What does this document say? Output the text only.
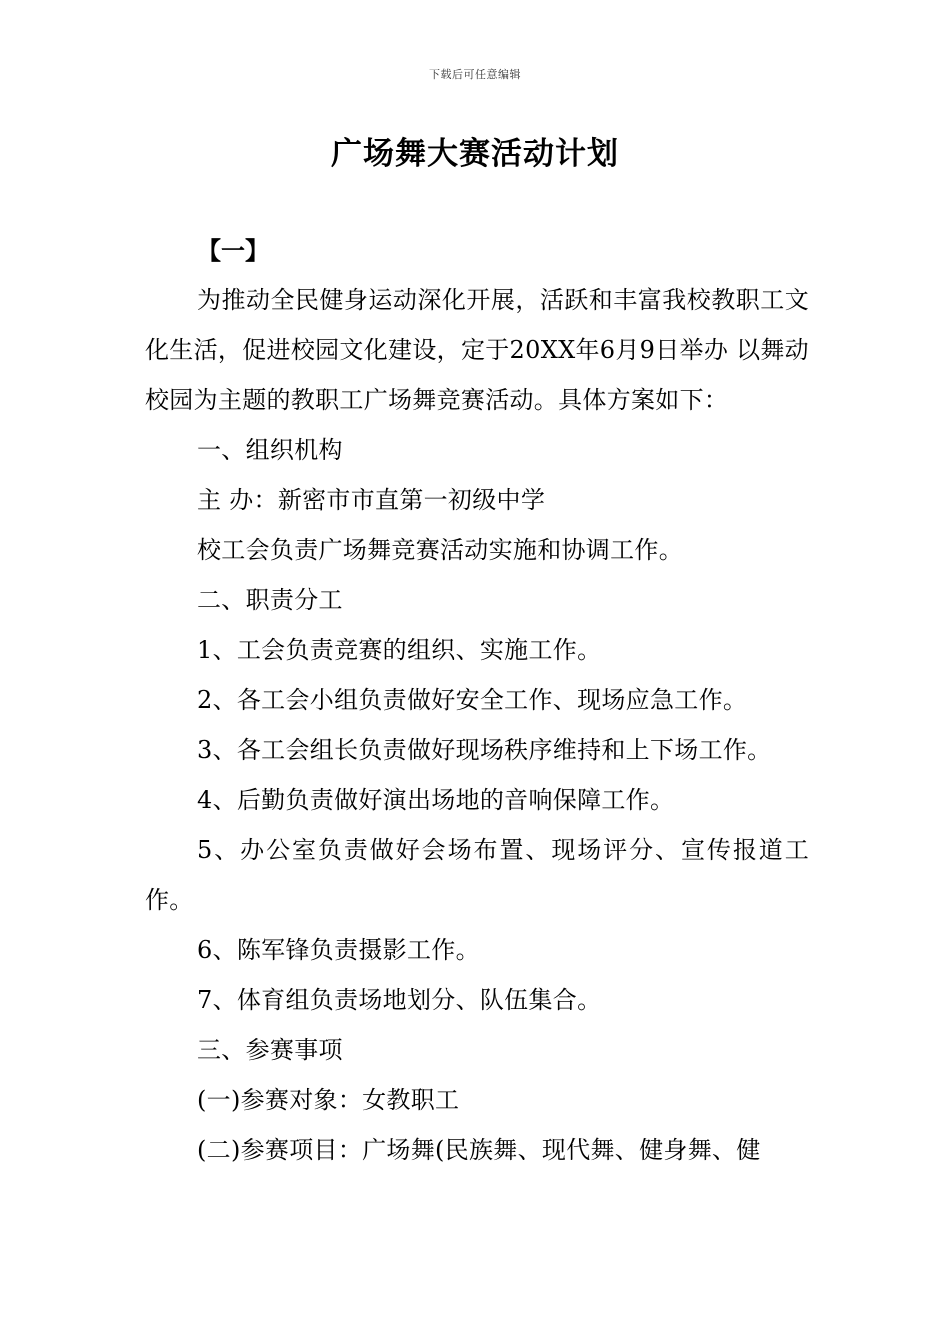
下载后可任意编辑
广场舞大赛活动计划
【一】

为推动全民健身运动深化开展，活跃和丰富我校教职工文化生活，促进校园文化建设，定于20XX年6月9日举办 以舞动校园为主题的教职工广场舞竞赛活动。具体方案如下：

一、组织机构

主 办：新密市市直第一初级中学

校工会负责广场舞竞赛活动实施和协调工作。

二、职责分工

1、工会负责竞赛的组织、实施工作。

2、各工会小组负责做好安全工作、现场应急工作。

3、各工会组长负责做好现场秩序维持和上下场工作。

4、后勤负责做好演出场地的音响保障工作。

5、办公室负责做好会场布置、现场评分、宣传报道工作。

6、陈军锋负责摄影工作。

7、体育组负责场地划分、队伍集合。

三、参赛事项

(一)参赛对象：女教职工

(二)参赛项目：广场舞(民族舞、现代舞、健身舞、健
